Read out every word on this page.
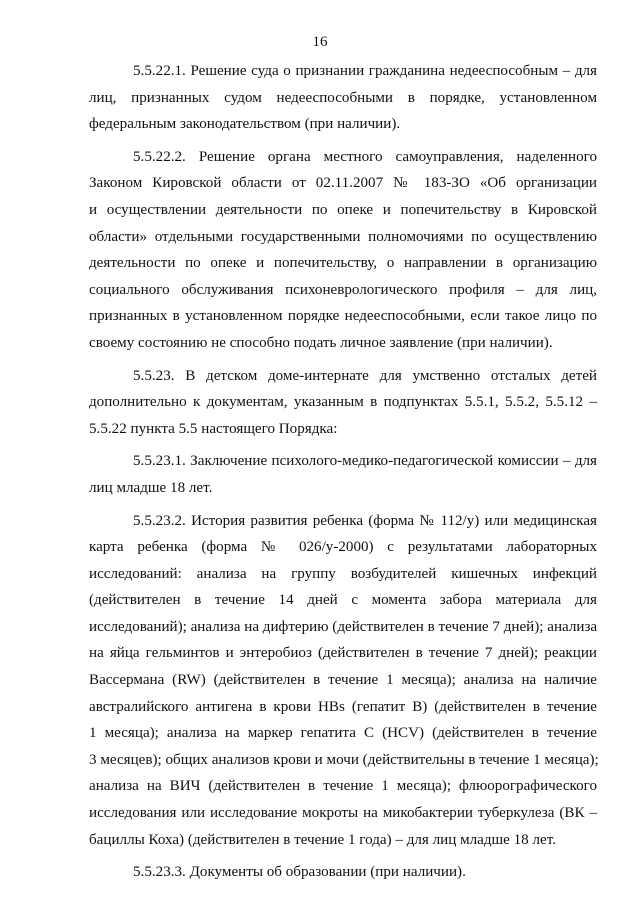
16
5.5.22.1. Решение суда о признании гражданина недееспособным – для
лиц, признанных судом недееспособными в порядке, установленном
федеральным законодательством (при наличии).
5.5.22.2. Решение органа местного самоуправления, наделенного
Законом Кировской области от 02.11.2007 № 183-ЗО «Об организации
и осуществлении деятельности по опеке и попечительству в Кировской
области» отдельными государственными полномочиями по осуществлению
деятельности по опеке и попечительству, о направлении в организацию
социального обслуживания психоневрологического профиля – для лиц,
признанных в установленном порядке недееспособными, если такое лицо по
своему состоянию не способно подать личное заявление (при наличии).
5.5.23. В детском доме-интернате для умственно отсталых детей
дополнительно к документам, указанным в подпунктах 5.5.1, 5.5.2, 5.5.12 –
5.5.22 пункта 5.5 настоящего Порядка:
5.5.23.1. Заключение психолого-медико-педагогической комиссии – для
лиц младше 18 лет.
5.5.23.2. История развития ребенка (форма № 112/у) или медицинская
карта ребенка (форма № 026/у-2000) с результатами лабораторных
исследований: анализа на группу возбудителей кишечных инфекций
(действителен в течение 14 дней с момента забора материала для
исследований); анализа на дифтерию (действителен в течение 7 дней); анализа
на яйца гельминтов и энтеробиоз (действителен в течение 7 дней); реакции
Вассермана (RW) (действителен в течение 1 месяца); анализа на наличие
австралийского антигена в крови HBs (гепатит B) (действителен в течение
1 месяца); анализа на маркер гепатита C (HCV) (действителен в течение
3 месяцев); общих анализов крови и мочи (действительны в течение 1 месяца);
анализа на ВИЧ (действителен в течение 1 месяца); флюорографического
исследования или исследование мокроты на микобактерии туберкулеза (ВК –
бациллы Коха) (действителен в течение 1 года) – для лиц младше 18 лет.
5.5.23.3. Документы об образовании (при наличии).
